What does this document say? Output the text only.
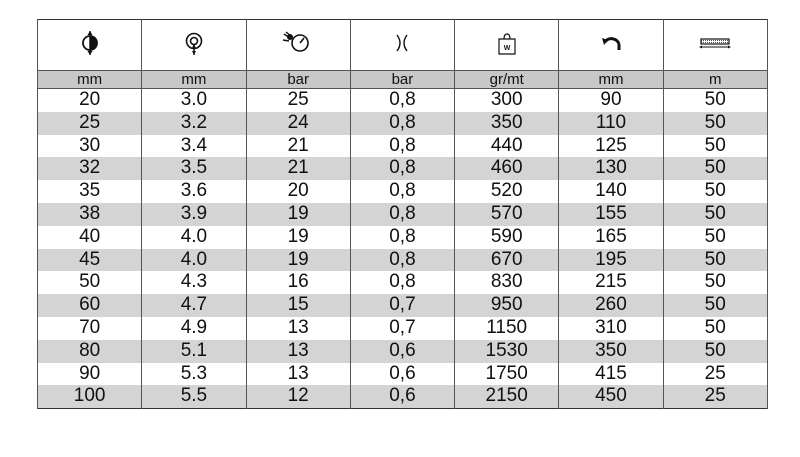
W

mm	mm	bar	bar	gr/mt	mm	m
20	3.0	25	0,8	300	90	50
25	3.2	24	0,8	350	110	50
30	3.4	21	0,8	440	125	50
32	3.5	21	0,8	460	130	50
35	3.6	20	0,8	520	140	50
38	3.9	19	0,8	570	155	50
40	4.0	19	0,8	590	165	50
45	4.0	19	0,8	670	195	50
50	4.3	16	0,8	830	215	50
60	4.7	15	0,7	950	260	50
70	4.9	13	0,7	1150	310	50
80	5.1	13	0,6	1530	350	50
90	5.3	13	0,6	1750	415	25
100	5.5	12	0,6	2150	450	25
